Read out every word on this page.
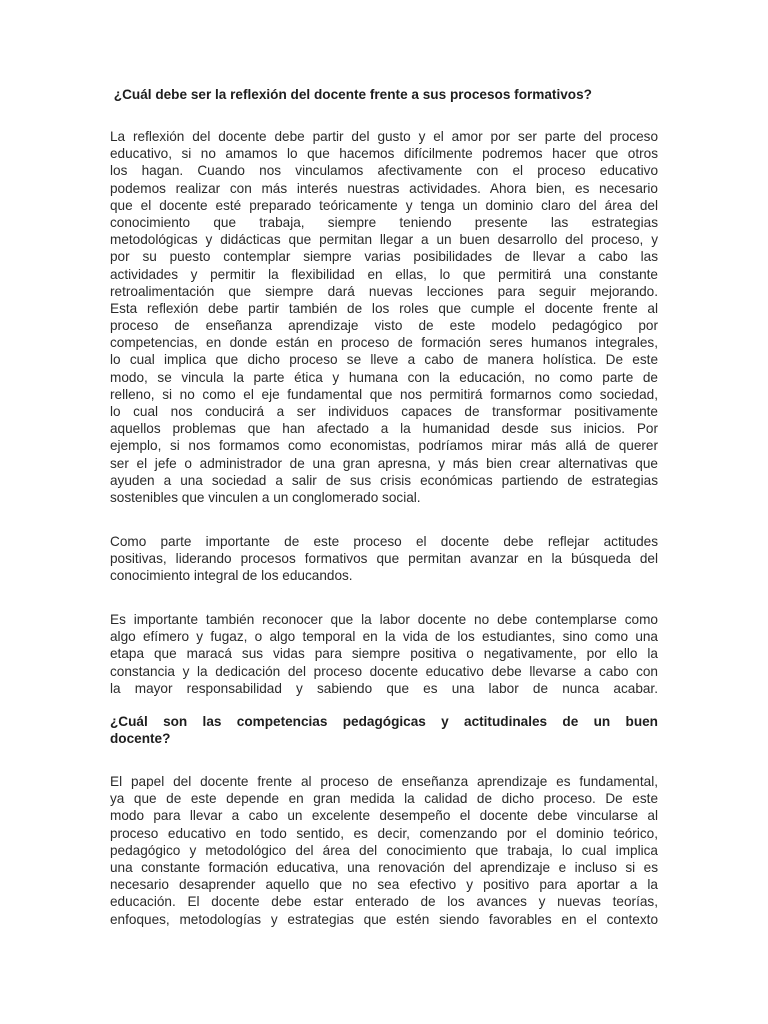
¿Cuál debe ser la reflexión del docente frente a sus procesos formativos?
La reflexión del docente debe partir del gusto y el amor por ser parte del proceso
educativo, si no amamos lo que hacemos difícilmente podremos hacer que otros
los hagan. Cuando nos vinculamos afectivamente con el proceso educativo
podemos realizar con más interés nuestras actividades. Ahora bien, es necesario
que el docente esté preparado teóricamente y tenga un dominio claro del área del
conocimiento que trabaja, siempre teniendo presente las estrategias
metodológicas y didácticas que permitan llegar a un buen desarrollo del proceso, y
por su puesto contemplar siempre varias posibilidades de llevar a cabo las
actividades y permitir la flexibilidad en ellas, lo que permitirá una constante
retroalimentación que siempre dará nuevas lecciones para seguir mejorando.
Esta reflexión debe partir también de los roles que cumple el docente frente al
proceso de enseñanza aprendizaje visto de este modelo pedagógico por
competencias, en donde están en proceso de formación seres humanos integrales,
lo cual implica que dicho proceso se lleve a cabo de manera holística. De este
modo, se vincula la parte ética y humana con la educación, no como parte de
relleno, si no como el eje fundamental que nos permitirá formarnos como sociedad,
lo cual nos conducirá a ser individuos capaces de transformar positivamente
aquellos problemas que han afectado a la humanidad desde sus inicios. Por
ejemplo, si nos formamos como economistas, podríamos mirar más allá de querer
ser el jefe o administrador de una gran apresna, y más bien crear alternativas que
ayuden a una sociedad a salir de sus crisis económicas partiendo de estrategias
sostenibles que vinculen a un conglomerado social.
Como parte importante de este proceso el docente debe reflejar actitudes
positivas, liderando procesos formativos que permitan avanzar en la búsqueda del
conocimiento integral de los educandos.
Es importante también reconocer que la labor docente no debe contemplarse como
algo efímero y fugaz, o algo temporal en la vida de los estudiantes, sino como una
etapa que maracá sus vidas para siempre positiva o negativamente, por ello la
constancia y la dedicación del proceso docente educativo debe llevarse a cabo con
la mayor responsabilidad y sabiendo que es una labor de nunca acabar.
¿Cuál son las competencias pedagógicas y actitudinales de un buen
docente?
El papel del docente frente al proceso de enseñanza aprendizaje es fundamental,
ya que de este depende en gran medida la calidad de dicho proceso. De este
modo para llevar a cabo un excelente desempeño el docente debe vincularse al
proceso educativo en todo sentido, es decir, comenzando por el dominio teórico,
pedagógico y metodológico del área del conocimiento que trabaja, lo cual implica
una constante formación educativa, una renovación del aprendizaje e incluso si es
necesario desaprender aquello que no sea efectivo y positivo para aportar a la
educación. El docente debe estar enterado de los avances y nuevas teorías,
enfoques, metodologías y estrategias que estén siendo favorables en el contexto
